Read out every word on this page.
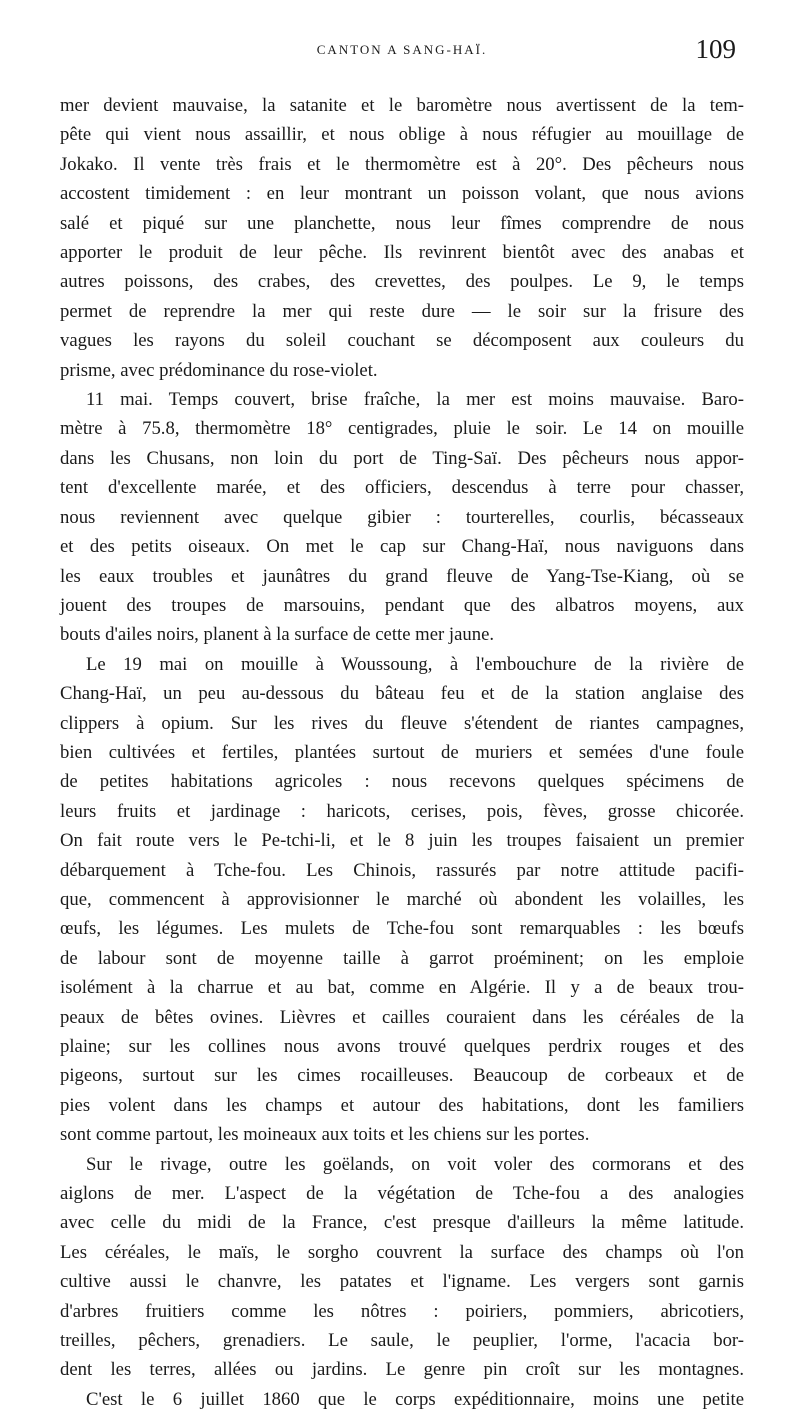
CANTON A SANG-HAÏ.	109

mer devient mauvaise, la satanite et le baromètre nous avertissent de la tem-

pête qui vient nous assaillir, et nous oblige à nous réfugier au mouillage de

Jokako. Il vente très frais et le thermomètre est à 20°. Des pêcheurs nous

accostent timidement : en leur montrant un poisson volant, que nous avions

salé et piqué sur une planchette, nous leur fîmes comprendre de nous

apporter le produit de leur pêche. Ils revinrent bientôt avec des anabas et

autres poissons, des crabes, des crevettes, des poulpes. Le 9, le temps

permet de reprendre la mer qui reste dure — le soir sur la frisure des

vagues les rayons du soleil couchant se décomposent aux couleurs du

prisme, avec prédominance du rose-violet.

11 mai. Temps couvert, brise fraîche, la mer est moins mauvaise. Baro-

mètre à 75.8, thermomètre 18° centigrades, pluie le soir. Le 14 on mouille

dans les Chusans, non loin du port de Ting-Saï. Des pêcheurs nous appor-

tent d'excellente marée, et des officiers, descendus à terre pour chasser,

nous reviennent avec quelque gibier : tourterelles, courlis, bécasseaux

et des petits oiseaux. On met le cap sur Chang-Haï, nous naviguons dans

les eaux troubles et jaunâtres du grand fleuve de Yang-Tse-Kiang, où se

jouent des troupes de marsouins, pendant que des albatros moyens, aux

bouts d'ailes noirs, planent à la surface de cette mer jaune.

Le 19 mai on mouille à Woussoung, à l'embouchure de la rivière de

Chang-Haï, un peu au-dessous du bâteau feu et de la station anglaise des

clippers à opium. Sur les rives du fleuve s'étendent de riantes campagnes,

bien cultivées et fertiles, plantées surtout de muriers et semées d'une foule

de petites habitations agricoles : nous recevons quelques spécimens de

leurs fruits et jardinage : haricots, cerises, pois, fèves, grosse chicorée.

On fait route vers le Pe-tchi-li, et le 8 juin les troupes faisaient un premier

débarquement à Tche-fou. Les Chinois, rassurés par notre attitude pacifi-

que, commencent à approvisionner le marché où abondent les volailles, les

œufs, les légumes. Les mulets de Tche-fou sont remarquables : les bœufs

de labour sont de moyenne taille à garrot proéminent; on les emploie

isolément à la charrue et au bat, comme en Algérie. Il y a de beaux trou-

peaux de bêtes ovines. Lièvres et cailles couraient dans les céréales de la

plaine; sur les collines nous avons trouvé quelques perdrix rouges et des

pigeons, surtout sur les cimes rocailleuses. Beaucoup de corbeaux et de

pies volent dans les champs et autour des habitations, dont les familiers

sont comme partout, les moineaux aux toits et les chiens sur les portes.

Sur le rivage, outre les goëlands, on voit voler des cormorans et des

aiglons de mer. L'aspect de la végétation de Tche-fou a des analogies

avec celle du midi de la France, c'est presque d'ailleurs la même latitude.

Les céréales, le maïs, le sorgho couvrent la surface des champs où l'on

cultive aussi le chanvre, les patates et l'igname. Les vergers sont garnis

d'arbres fruitiers comme les nôtres : poiriers, pommiers, abricotiers,

treilles, pêchers, grenadiers. Le saule, le peuplier, l'orme, l'acacia bor-

dent les terres, allées ou jardins. Le genre pin croît sur les montagnes.

C'est le 6 juillet 1860 que le corps expéditionnaire, moins une petite
